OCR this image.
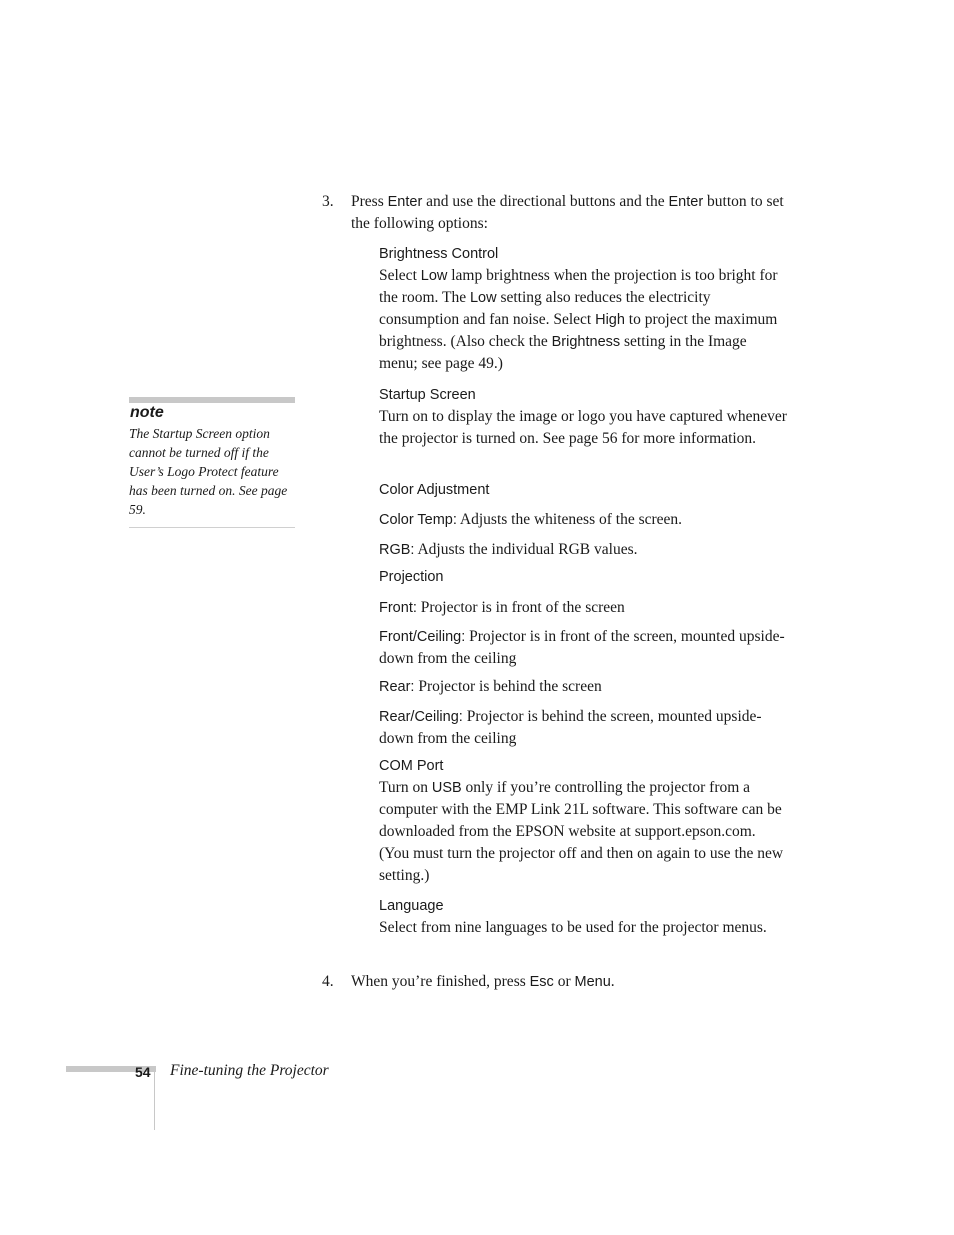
3. Press Enter and use the directional buttons and the Enter button to set the following options:
Brightness Control
Select Low lamp brightness when the projection is too bright for the room. The Low setting also reduces the electricity consumption and fan noise. Select High to project the maximum brightness. (Also check the Brightness setting in the Image menu; see page 49.)
Startup Screen
Turn on to display the image or logo you have captured whenever the projector is turned on. See page 56 for more information.
Color Adjustment
Color Temp: Adjusts the whiteness of the screen.
RGB: Adjusts the individual RGB values.
Projection
Front: Projector is in front of the screen
Front/Ceiling: Projector is in front of the screen, mounted upside-down from the ceiling
Rear: Projector is behind the screen
Rear/Ceiling: Projector is behind the screen, mounted upside-down from the ceiling
COM Port
Turn on USB only if you’re controlling the projector from a computer with the EMP Link 21L software. This software can be downloaded from the EPSON website at support.epson.com. (You must turn the projector off and then on again to use the new setting.)
Language
Select from nine languages to be used for the projector menus.
4. When you’re finished, press Esc or Menu.
note
The Startup Screen option cannot be turned off if the User’s Logo Protect feature has been turned on. See page 59.
54 Fine-tuning the Projector
